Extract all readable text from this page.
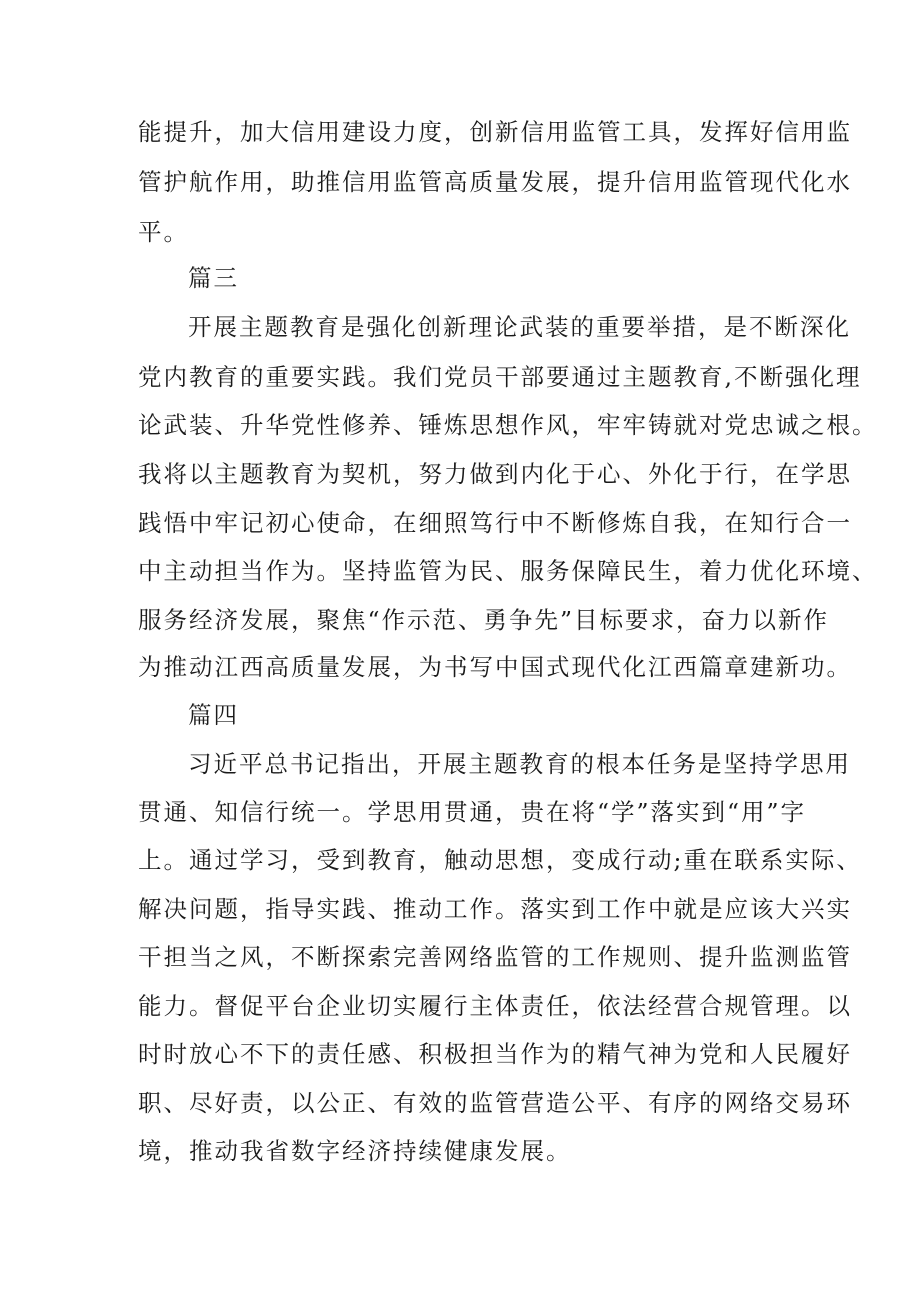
能提升，加大信用建设力度，创新信用监管工具，发挥好信用监
管护航作用，助推信用监管高质量发展，提升信用监管现代化水
平。
篇三
开展主题教育是强化创新理论武装的重要举措，是不断深化
党内教育的重要实践。我们党员干部要通过主题教育,不断强化理
论武装、升华党性修养、锤炼思想作风，牢牢铸就对党忠诚之根。
我将以主题教育为契机，努力做到内化于心、外化于行，在学思
践悟中牢记初心使命，在细照笃行中不断修炼自我，在知行合一
中主动担当作为。坚持监管为民、服务保障民生，着力优化环境、
服务经济发展，聚焦“作示范、勇争先”目标要求，奋力以新作
为推动江西高质量发展，为书写中国式现代化江西篇章建新功。
篇四
习近平总书记指出，开展主题教育的根本任务是坚持学思用
贯通、知信行统一。学思用贯通，贵在将“学”落实到“用”字
上。通过学习，受到教育，触动思想，变成行动;重在联系实际、
解决问题，指导实践、推动工作。落实到工作中就是应该大兴实
干担当之风，不断探索完善网络监管的工作规则、提升监测监管
能力。督促平台企业切实履行主体责任，依法经营合规管理。以
时时放心不下的责任感、积极担当作为的精气神为党和人民履好
职、尽好责，以公正、有效的监管营造公平、有序的网络交易环
境，推动我省数字经济持续健康发展。
